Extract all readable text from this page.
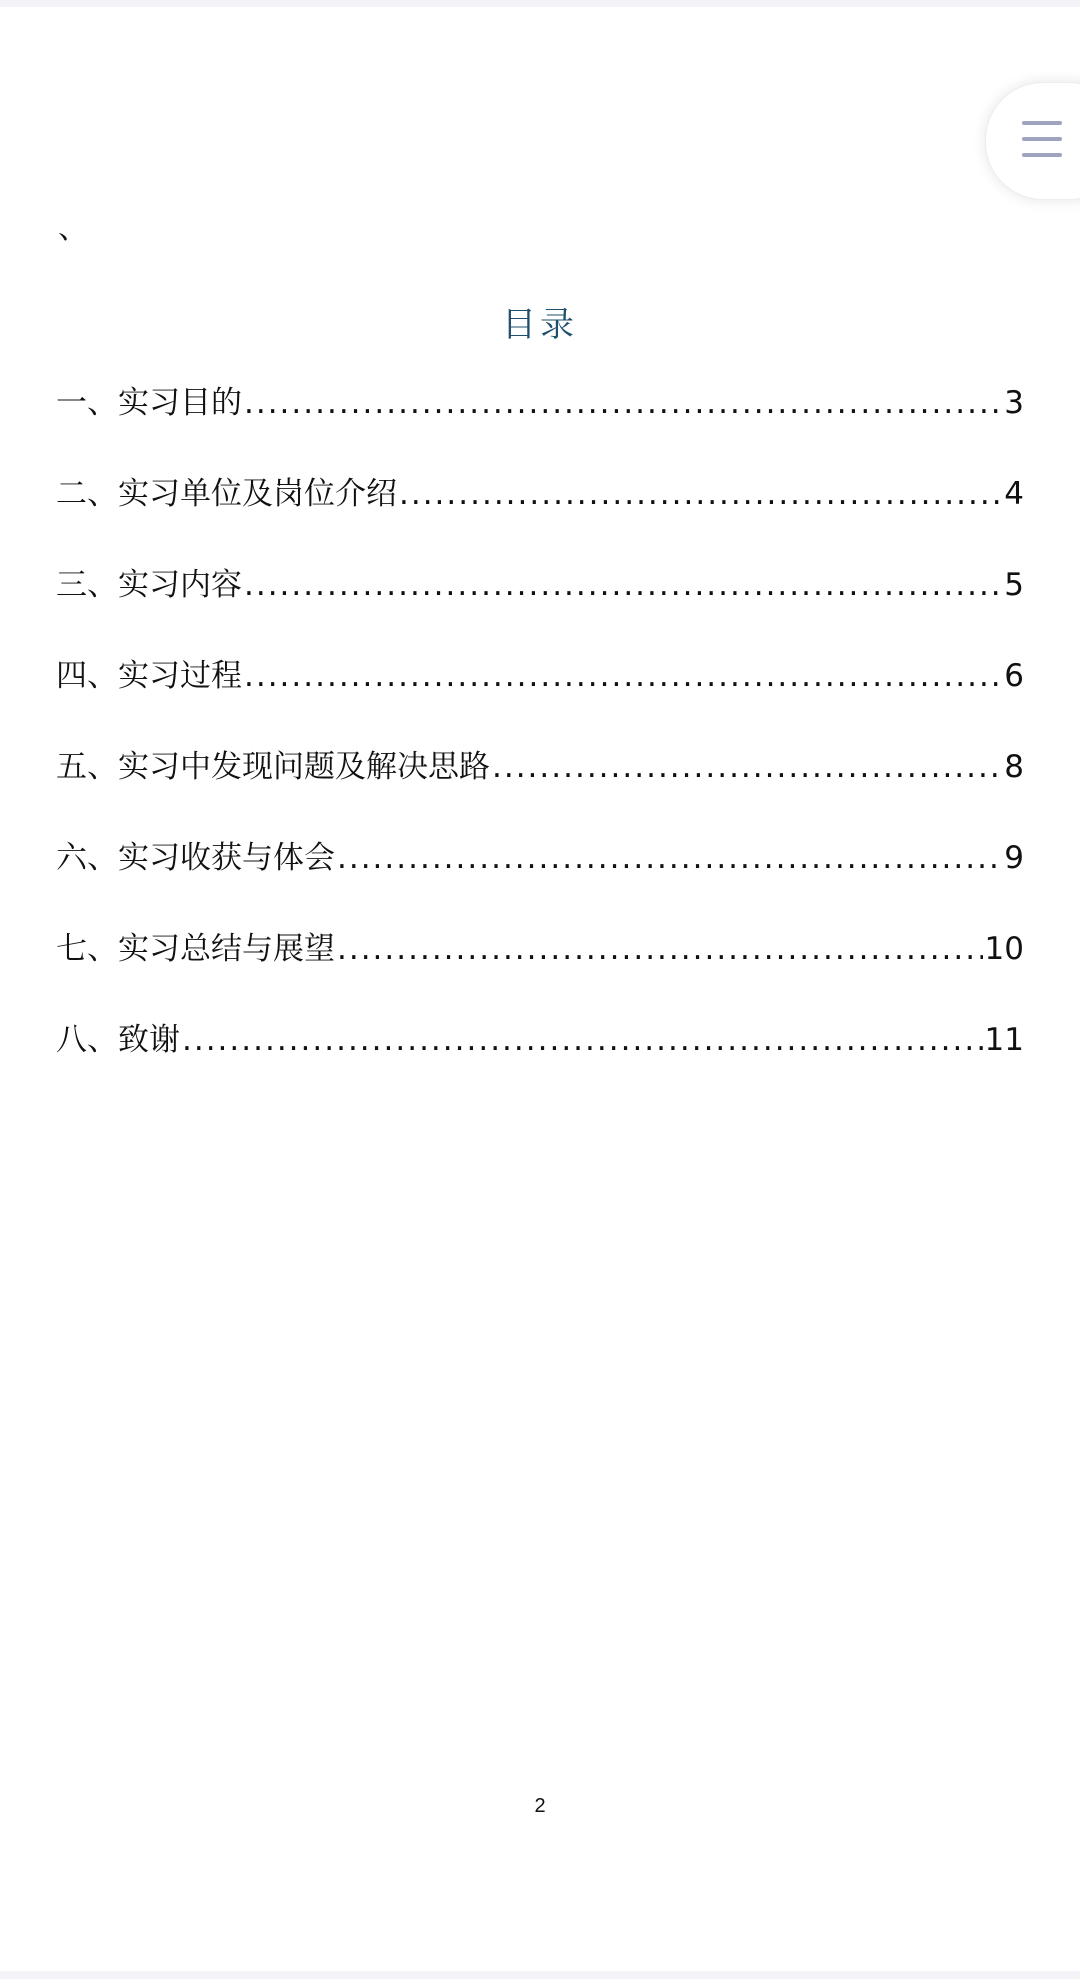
、
目录
一、实习目的 .....	3
二、实习单位及岗位介绍 .....	4
三、实习内容 .....	5
四、实习过程 .....	6
五、实习中发现问题及解决思路 .....	8
六、实习收获与体会 .....	9
七、实习总结与展望 .....	10
八、致谢 .....	11
2
